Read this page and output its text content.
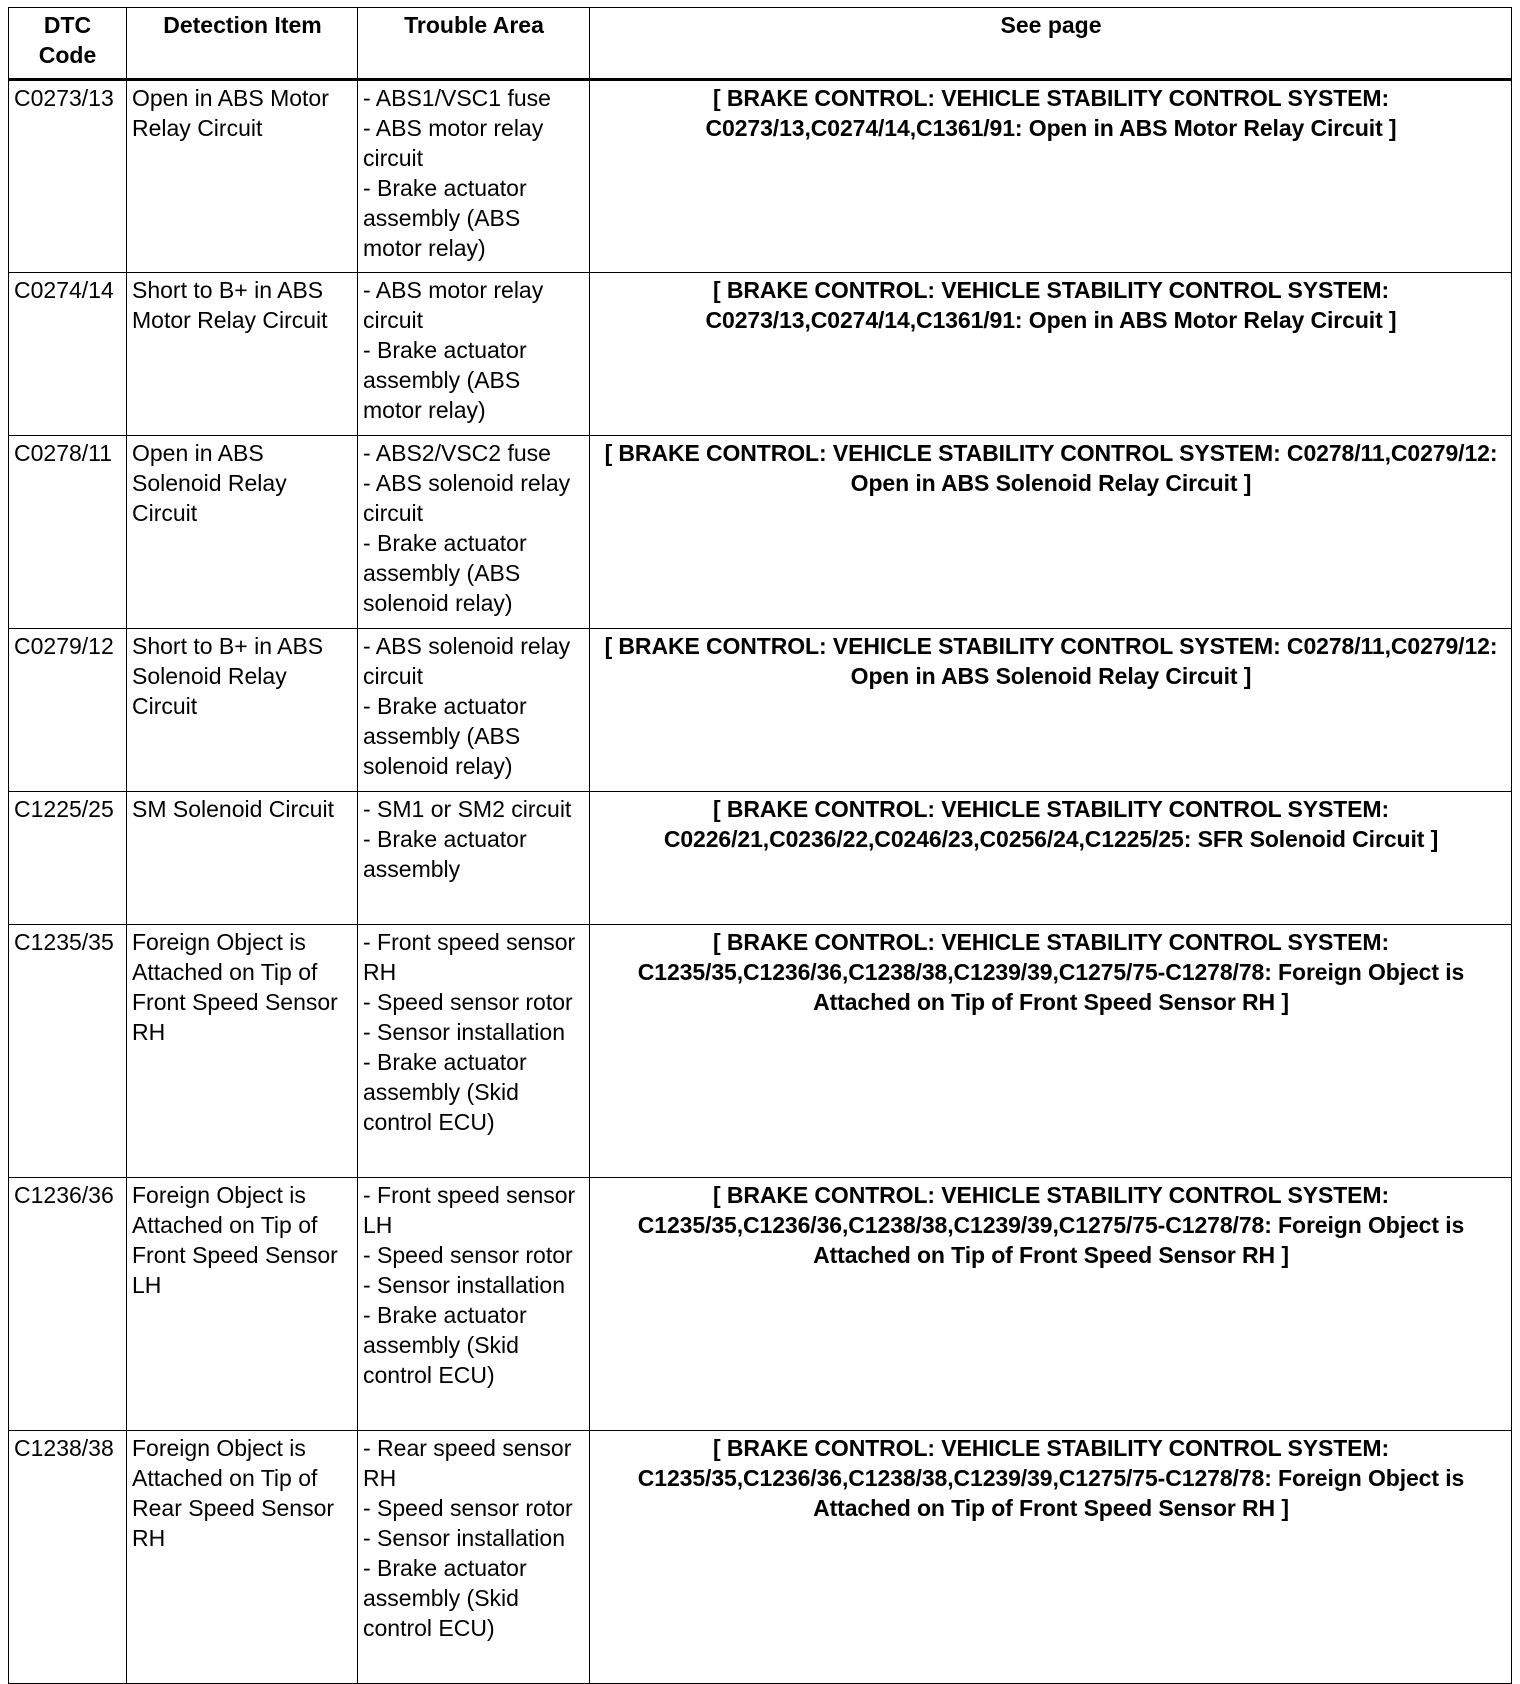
DTC Code	Detection Item	Trouble Area	See page
C0273/13	Open in ABS Motor Relay Circuit	- ABS1/VSC1 fuse
- ABS motor relay circuit
- Brake actuator assembly (ABS motor relay)	[ BRAKE CONTROL: VEHICLE STABILITY CONTROL SYSTEM: C0273/13,C0274/14,C1361/91: Open in ABS Motor Relay Circuit ]
C0274/14	Short to B+ in ABS Motor Relay Circuit	- ABS motor relay circuit
- Brake actuator assembly (ABS motor relay)	[ BRAKE CONTROL: VEHICLE STABILITY CONTROL SYSTEM: C0273/13,C0274/14,C1361/91: Open in ABS Motor Relay Circuit ]
C0278/11	Open in ABS Solenoid Relay Circuit	- ABS2/VSC2 fuse
- ABS solenoid relay circuit
- Brake actuator assembly (ABS solenoid relay)	[ BRAKE CONTROL: VEHICLE STABILITY CONTROL SYSTEM: C0278/11,C0279/12: Open in ABS Solenoid Relay Circuit ]
C0279/12	Short to B+ in ABS Solenoid Relay Circuit	- ABS solenoid relay circuit
- Brake actuator assembly (ABS solenoid relay)	[ BRAKE CONTROL: VEHICLE STABILITY CONTROL SYSTEM: C0278/11,C0279/12: Open in ABS Solenoid Relay Circuit ]
C1225/25	SM Solenoid Circuit	- SM1 or SM2 circuit
- Brake actuator assembly	[ BRAKE CONTROL: VEHICLE STABILITY CONTROL SYSTEM: C0226/21,C0236/22,C0246/23,C0256/24,C1225/25: SFR Solenoid Circuit ]
C1235/35	Foreign Object is Attached on Tip of Front Speed Sensor RH	- Front speed sensor RH
- Speed sensor rotor
- Sensor installation
- Brake actuator assembly (Skid control ECU)	[ BRAKE CONTROL: VEHICLE STABILITY CONTROL SYSTEM: C1235/35,C1236/36,C1238/38,C1239/39,C1275/75-C1278/78: Foreign Object is Attached on Tip of Front Speed Sensor RH ]
C1236/36	Foreign Object is Attached on Tip of Front Speed Sensor LH	- Front speed sensor LH
- Speed sensor rotor
- Sensor installation
- Brake actuator assembly (Skid control ECU)	[ BRAKE CONTROL: VEHICLE STABILITY CONTROL SYSTEM: C1235/35,C1236/36,C1238/38,C1239/39,C1275/75-C1278/78: Foreign Object is Attached on Tip of Front Speed Sensor RH ]
C1238/38	Foreign Object is Attached on Tip of Rear Speed Sensor RH	- Rear speed sensor RH
- Speed sensor rotor
- Sensor installation
- Brake actuator assembly (Skid control ECU)	[ BRAKE CONTROL: VEHICLE STABILITY CONTROL SYSTEM: C1235/35,C1236/36,C1238/38,C1239/39,C1275/75-C1278/78: Foreign Object is Attached on Tip of Front Speed Sensor RH ]
